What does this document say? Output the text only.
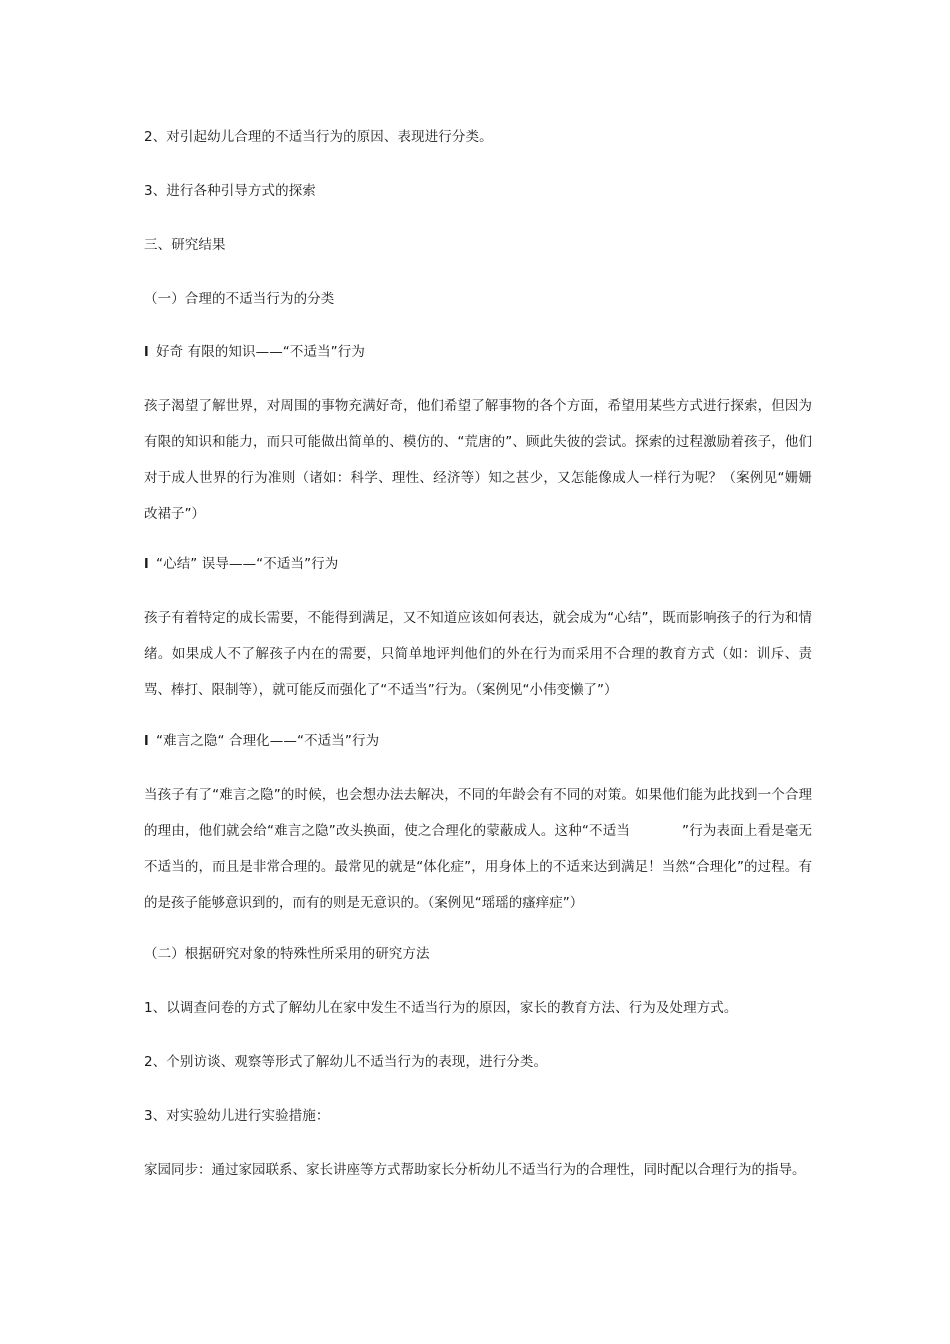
2、对引起幼儿合理的不适当行为的原因、表现进行分类。
3、进行各种引导方式的探索
三、研究结果
（一）合理的不适当行为的分类
l 好奇 有限的知识——“不适当”行为
孩子渴望了解世界，对周围的事物充满好奇，他们希望了解事物的各个方面，希望用某些方式进行探索，但因为有限的知识和能力，而只可能做出简单的、模仿的、“荒唐的”、顾此失彼的尝试。探索的过程激励着孩子，他们对于成人世界的行为准则（诸如：科学、理性、经济等）知之甚少，又怎能像成人一样行为呢？（案例见“姗姗改裙子”）
l “心结” 误导——“不适当”行为
孩子有着特定的成长需要，不能得到满足，又不知道应该如何表达，就会成为“心结”，既而影响孩子的行为和情绪。如果成人不了解孩子内在的需要，只简单地评判他们的外在行为而采用不合理的教育方式（如：训斥、责骂、棒打、限制等），就可能反而强化了“不适当”行为。（案例见“小伟变懒了”）
l “难言之隐“ 合理化——“不适当”行为
当孩子有了“难言之隐”的时候，也会想办法去解决，不同的年龄会有不同的对策。如果他们能为此找到一个合理的理由，他们就会给“难言之隐”改头换面，使之合理化的蒙蔽成人。这种“不适当	”行为表面上看是毫无不适当的，而且是非常合理的。最常见的就是“体化症”，用身体上的不适来达到满足！当然“合理化”的过程。有的是孩子能够意识到的，而有的则是无意识的。（案例见“瑶瑶的瘙痒症”）
（二）根据研究对象的特殊性所采用的研究方法
1、以调查问卷的方式了解幼儿在家中发生不适当行为的原因，家长的教育方法、行为及处理方式。
2、个别访谈、观察等形式了解幼儿不适当行为的表现，进行分类。
3、对实验幼儿进行实验措施：
家园同步：通过家园联系、家长讲座等方式帮助家长分析幼儿不适当行为的合理性，同时配以合理行为的指导。
